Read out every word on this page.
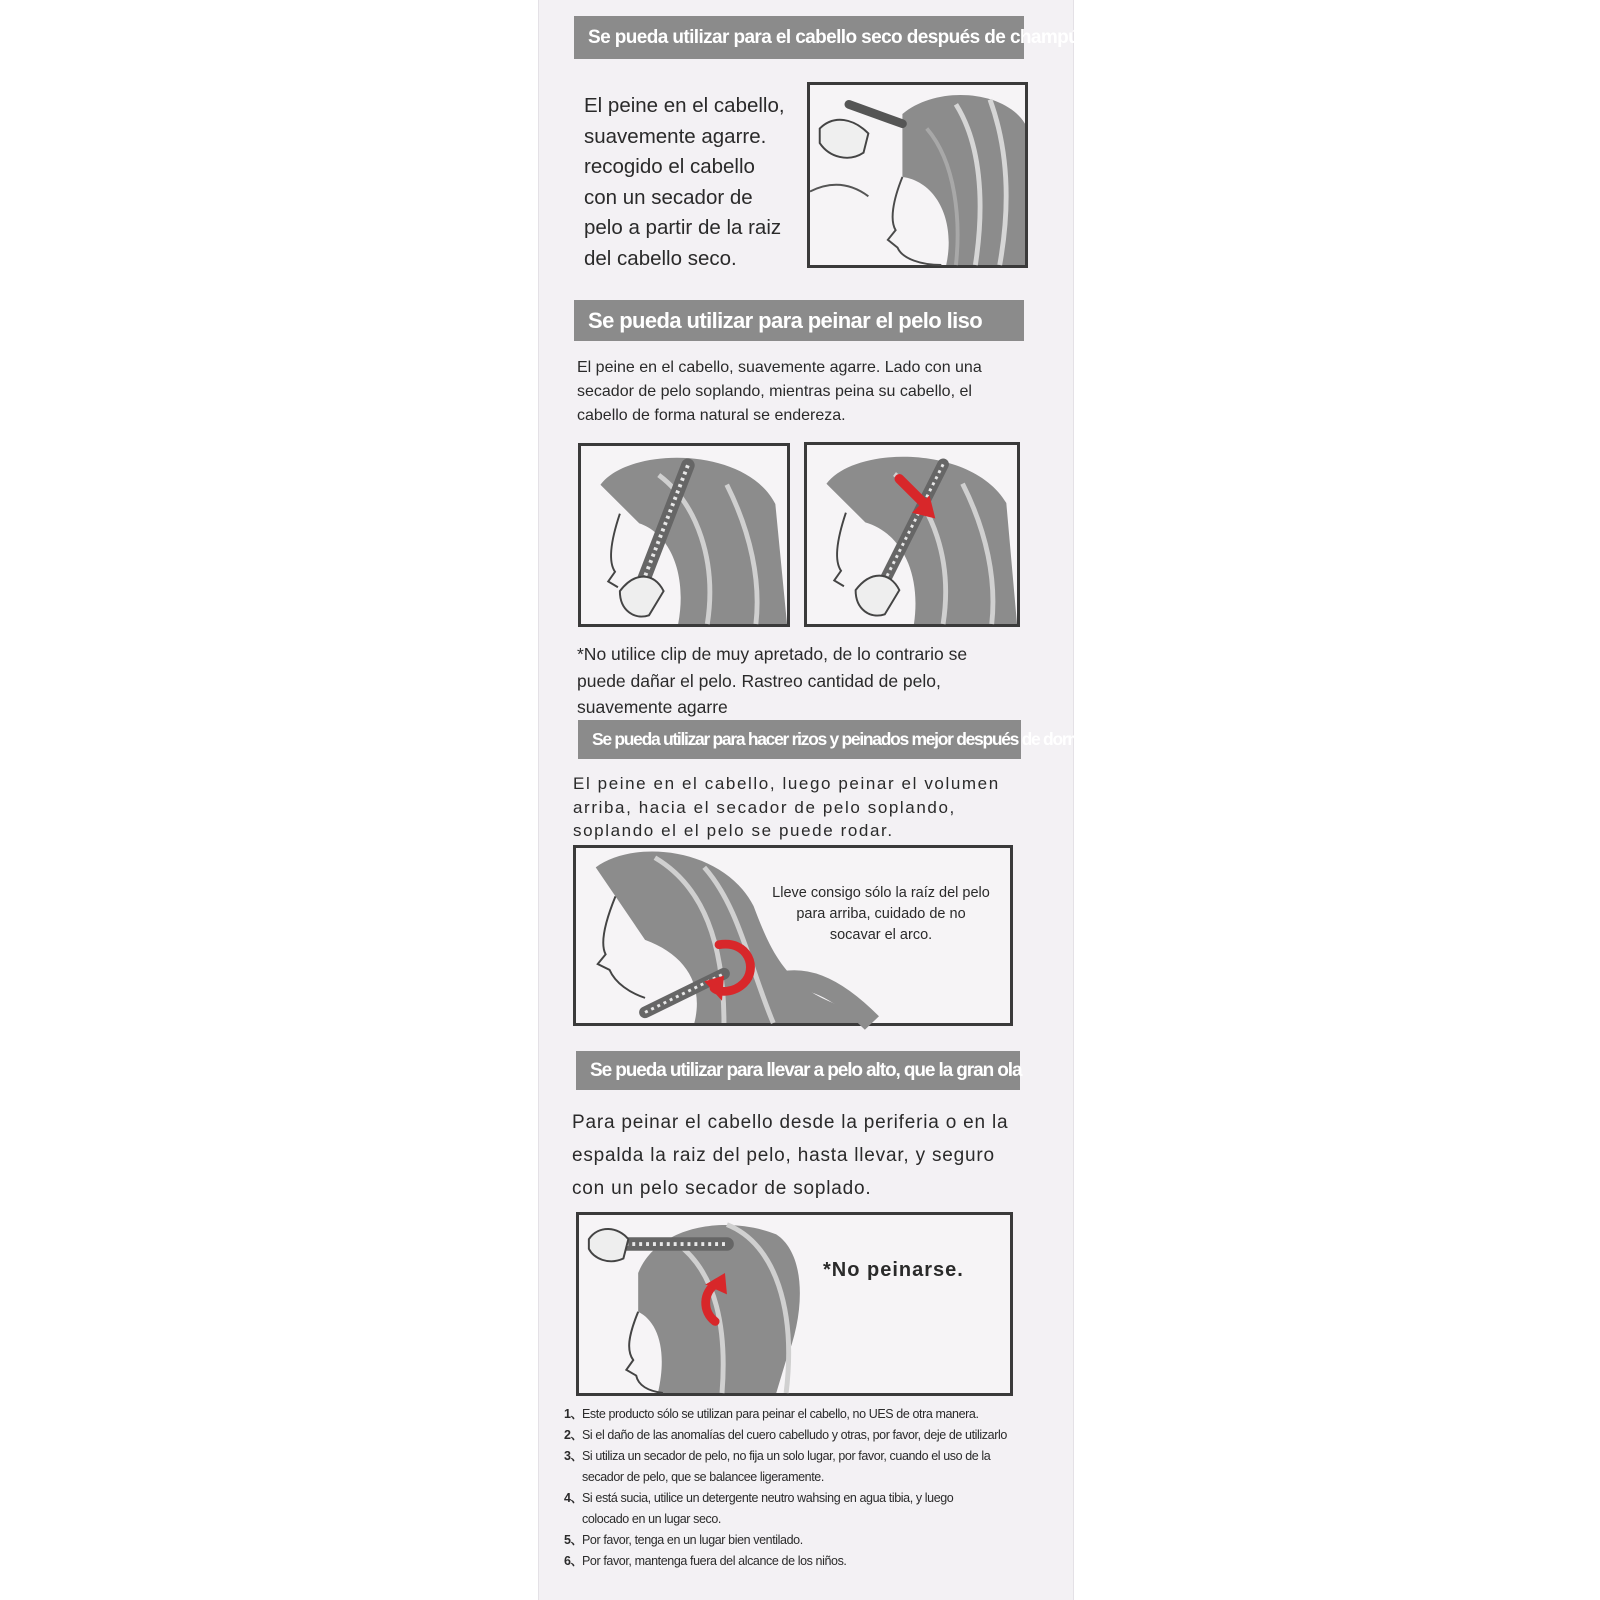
Se pueda utilizar para el cabello seco después de champú
El peine en el cabello,
suavemente agarre.
recogido el cabello
con un secador de
pelo a partir de la raiz
del cabello seco.
Se pueda utilizar para peinar el pelo liso
El peine en el cabello, suavemente agarre. Lado con una
secador de pelo soplando, mientras peina su cabello, el
cabello de forma natural se endereza.
*No utilice clip de muy apretado, de lo contrario se
puede dañar el pelo. Rastreo cantidad de pelo,
suavemente agarre
Se pueda utilizar para hacer rizos y peinados mejor después de dormir.
El peine en el cabello, luego peinar el volumen
arriba, hacia el secador de pelo soplando,
soplando el el pelo se puede rodar.
Lleve consigo sólo la raíz del pelo
para arriba, cuidado de no
socavar el arco.
Se pueda utilizar para llevar a pelo alto, que la gran ola
Para peinar el cabello desde la periferia o en la
espalda la raiz del pelo, hasta llevar, y seguro
con un pelo secador de soplado.
*No peinarse.
1、 Este producto sólo se utilizan para peinar el cabello, no UES de otra manera.
2、 Si el daño de las anomalías del cuero cabelludo y otras, por favor, deje de utilizarlo
3、 Si utiliza un secador de pelo, no fija un solo lugar, por favor, cuando el uso de la
secador de pelo, que se balancee ligeramente.
4、 Si está sucia, utilice un detergente neutro wahsing en agua tibia, y luego
colocado en un lugar seco.
5、 Por favor, tenga en un lugar bien ventilado.
6、 Por favor, mantenga fuera del alcance de los niños.
